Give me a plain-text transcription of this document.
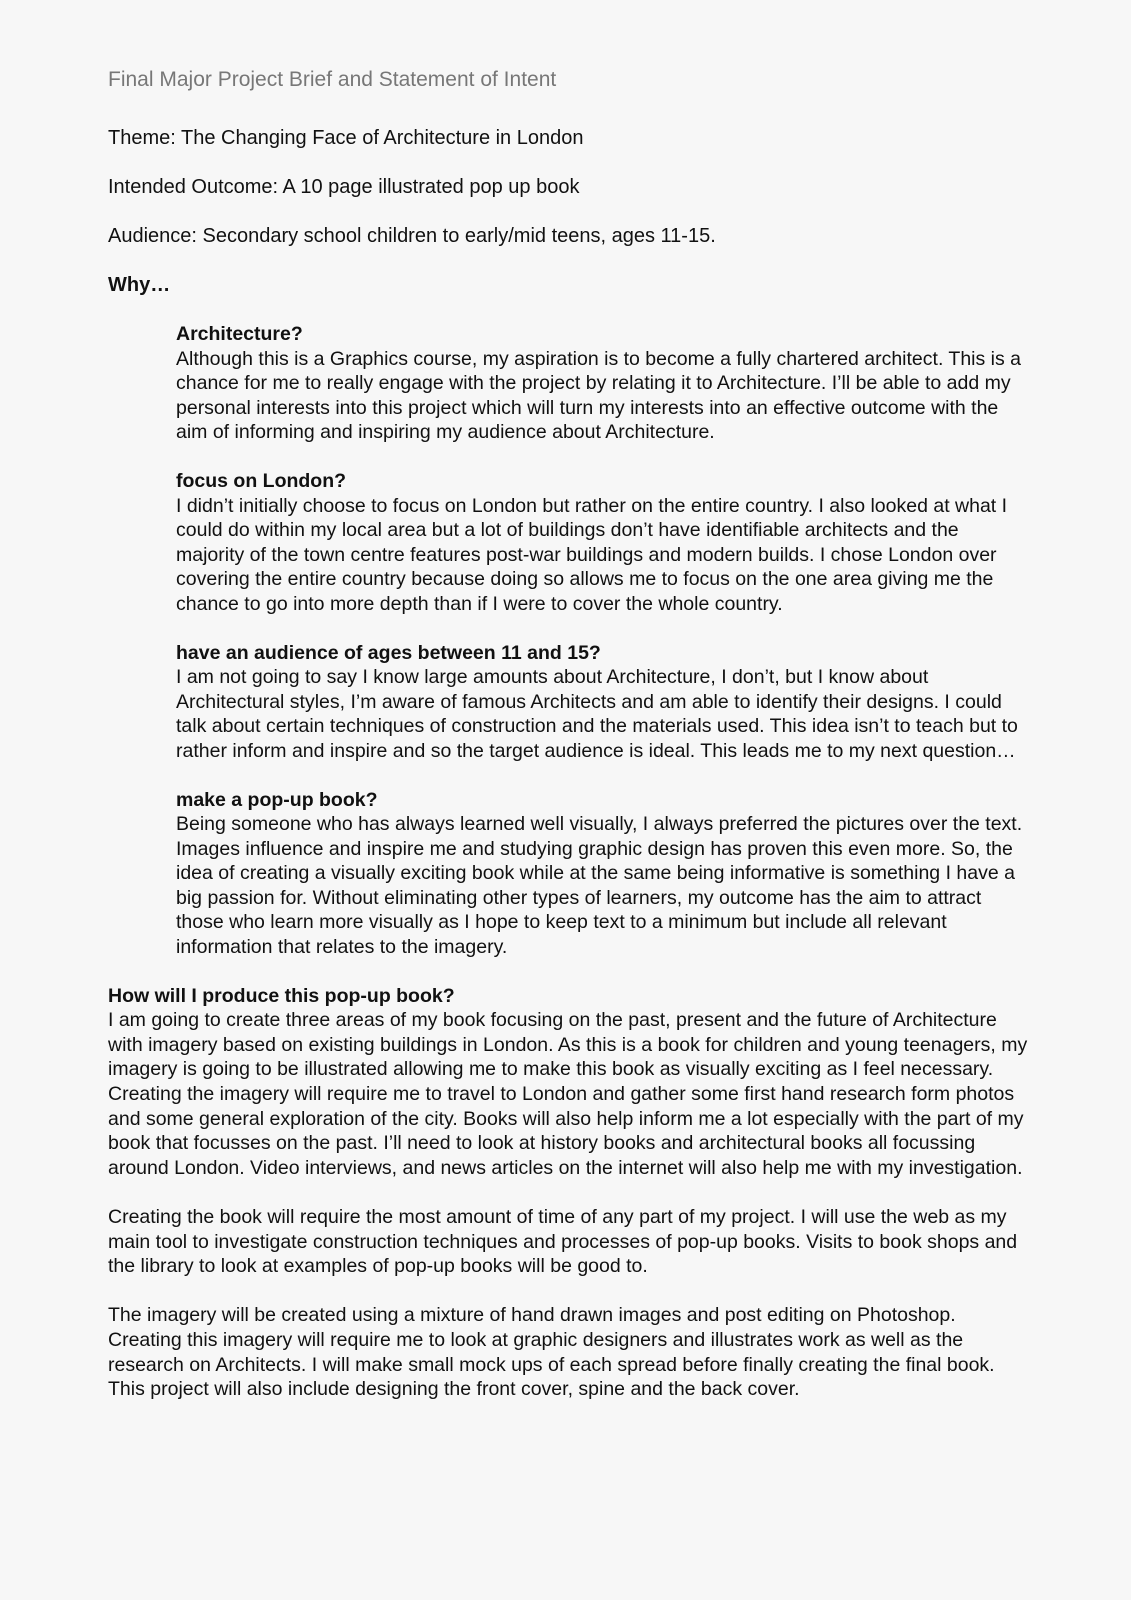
Final Major Project Brief and Statement of Intent

Theme: The Changing Face of Architecture in London

Intended Outcome: A 10 page illustrated pop up book

Audience: Secondary school children to early/mid teens, ages 11-15.

Why…

Architecture?

Although this is a Graphics course, my aspiration is to become a fully chartered architect. This is a chance for me to really engage with the project by relating it to Architecture. I’ll be able to add my personal interests into this project which will turn my interests into an effective outcome with the aim of informing and inspiring my audience about Architecture.

focus on London?

I didn’t initially choose to focus on London but rather on the entire country. I also looked at what I could do within my local area but a lot of buildings don’t have identifiable architects and the majority of the town centre features post-war buildings and modern builds. I chose London over covering the entire country because doing so allows me to focus on the one area giving me the chance to go into more depth than if I were to cover the whole country.

have an audience of ages between 11 and 15?

I am not going to say I know large amounts about Architecture, I don’t, but I know about Architectural styles, I’m aware of famous Architects and am able to identify their designs. I could talk about certain techniques of construction and the materials used. This idea isn’t to teach but to rather inform and inspire and so the target audience is ideal. This leads me to my next question…

make a pop-up book?

Being someone who has always learned well visually, I always preferred the pictures over the text. Images influence and inspire me and studying graphic design has proven this even more. So, the idea of creating a visually exciting book while at the same being informative is something I have a big passion for. Without eliminating other types of learners, my outcome has the aim to attract those who learn more visually as I hope to keep text to a minimum but include all relevant information that relates to the imagery.

How will I produce this pop-up book?

I am going to create three areas of my book focusing on the past, present and the future of Architecture with imagery based on existing buildings in London. As this is a book for children and young teenagers, my imagery is going to be illustrated allowing me to make this book as visually exciting as I feel necessary. Creating the imagery will require me to travel to London and gather some first hand research form photos and some general exploration of the city. Books will also help inform me a lot especially with the part of my book that focusses on the past. I’ll need to look at history books and architectural books all focussing around London. Video interviews, and news articles on the internet will also help me with my investigation.

Creating the book will require the most amount of time of any part of my project. I will use the web as my main tool to investigate construction techniques and processes of pop-up books. Visits to book shops and the library to look at examples of pop-up books will be good to.

The imagery will be created using a mixture of hand drawn images and post editing on Photoshop. Creating this imagery will require me to look at graphic designers and illustrates work as well as the research on Architects. I will make small mock ups of each spread before finally creating the final book. This project will also include designing the front cover, spine and the back cover.
